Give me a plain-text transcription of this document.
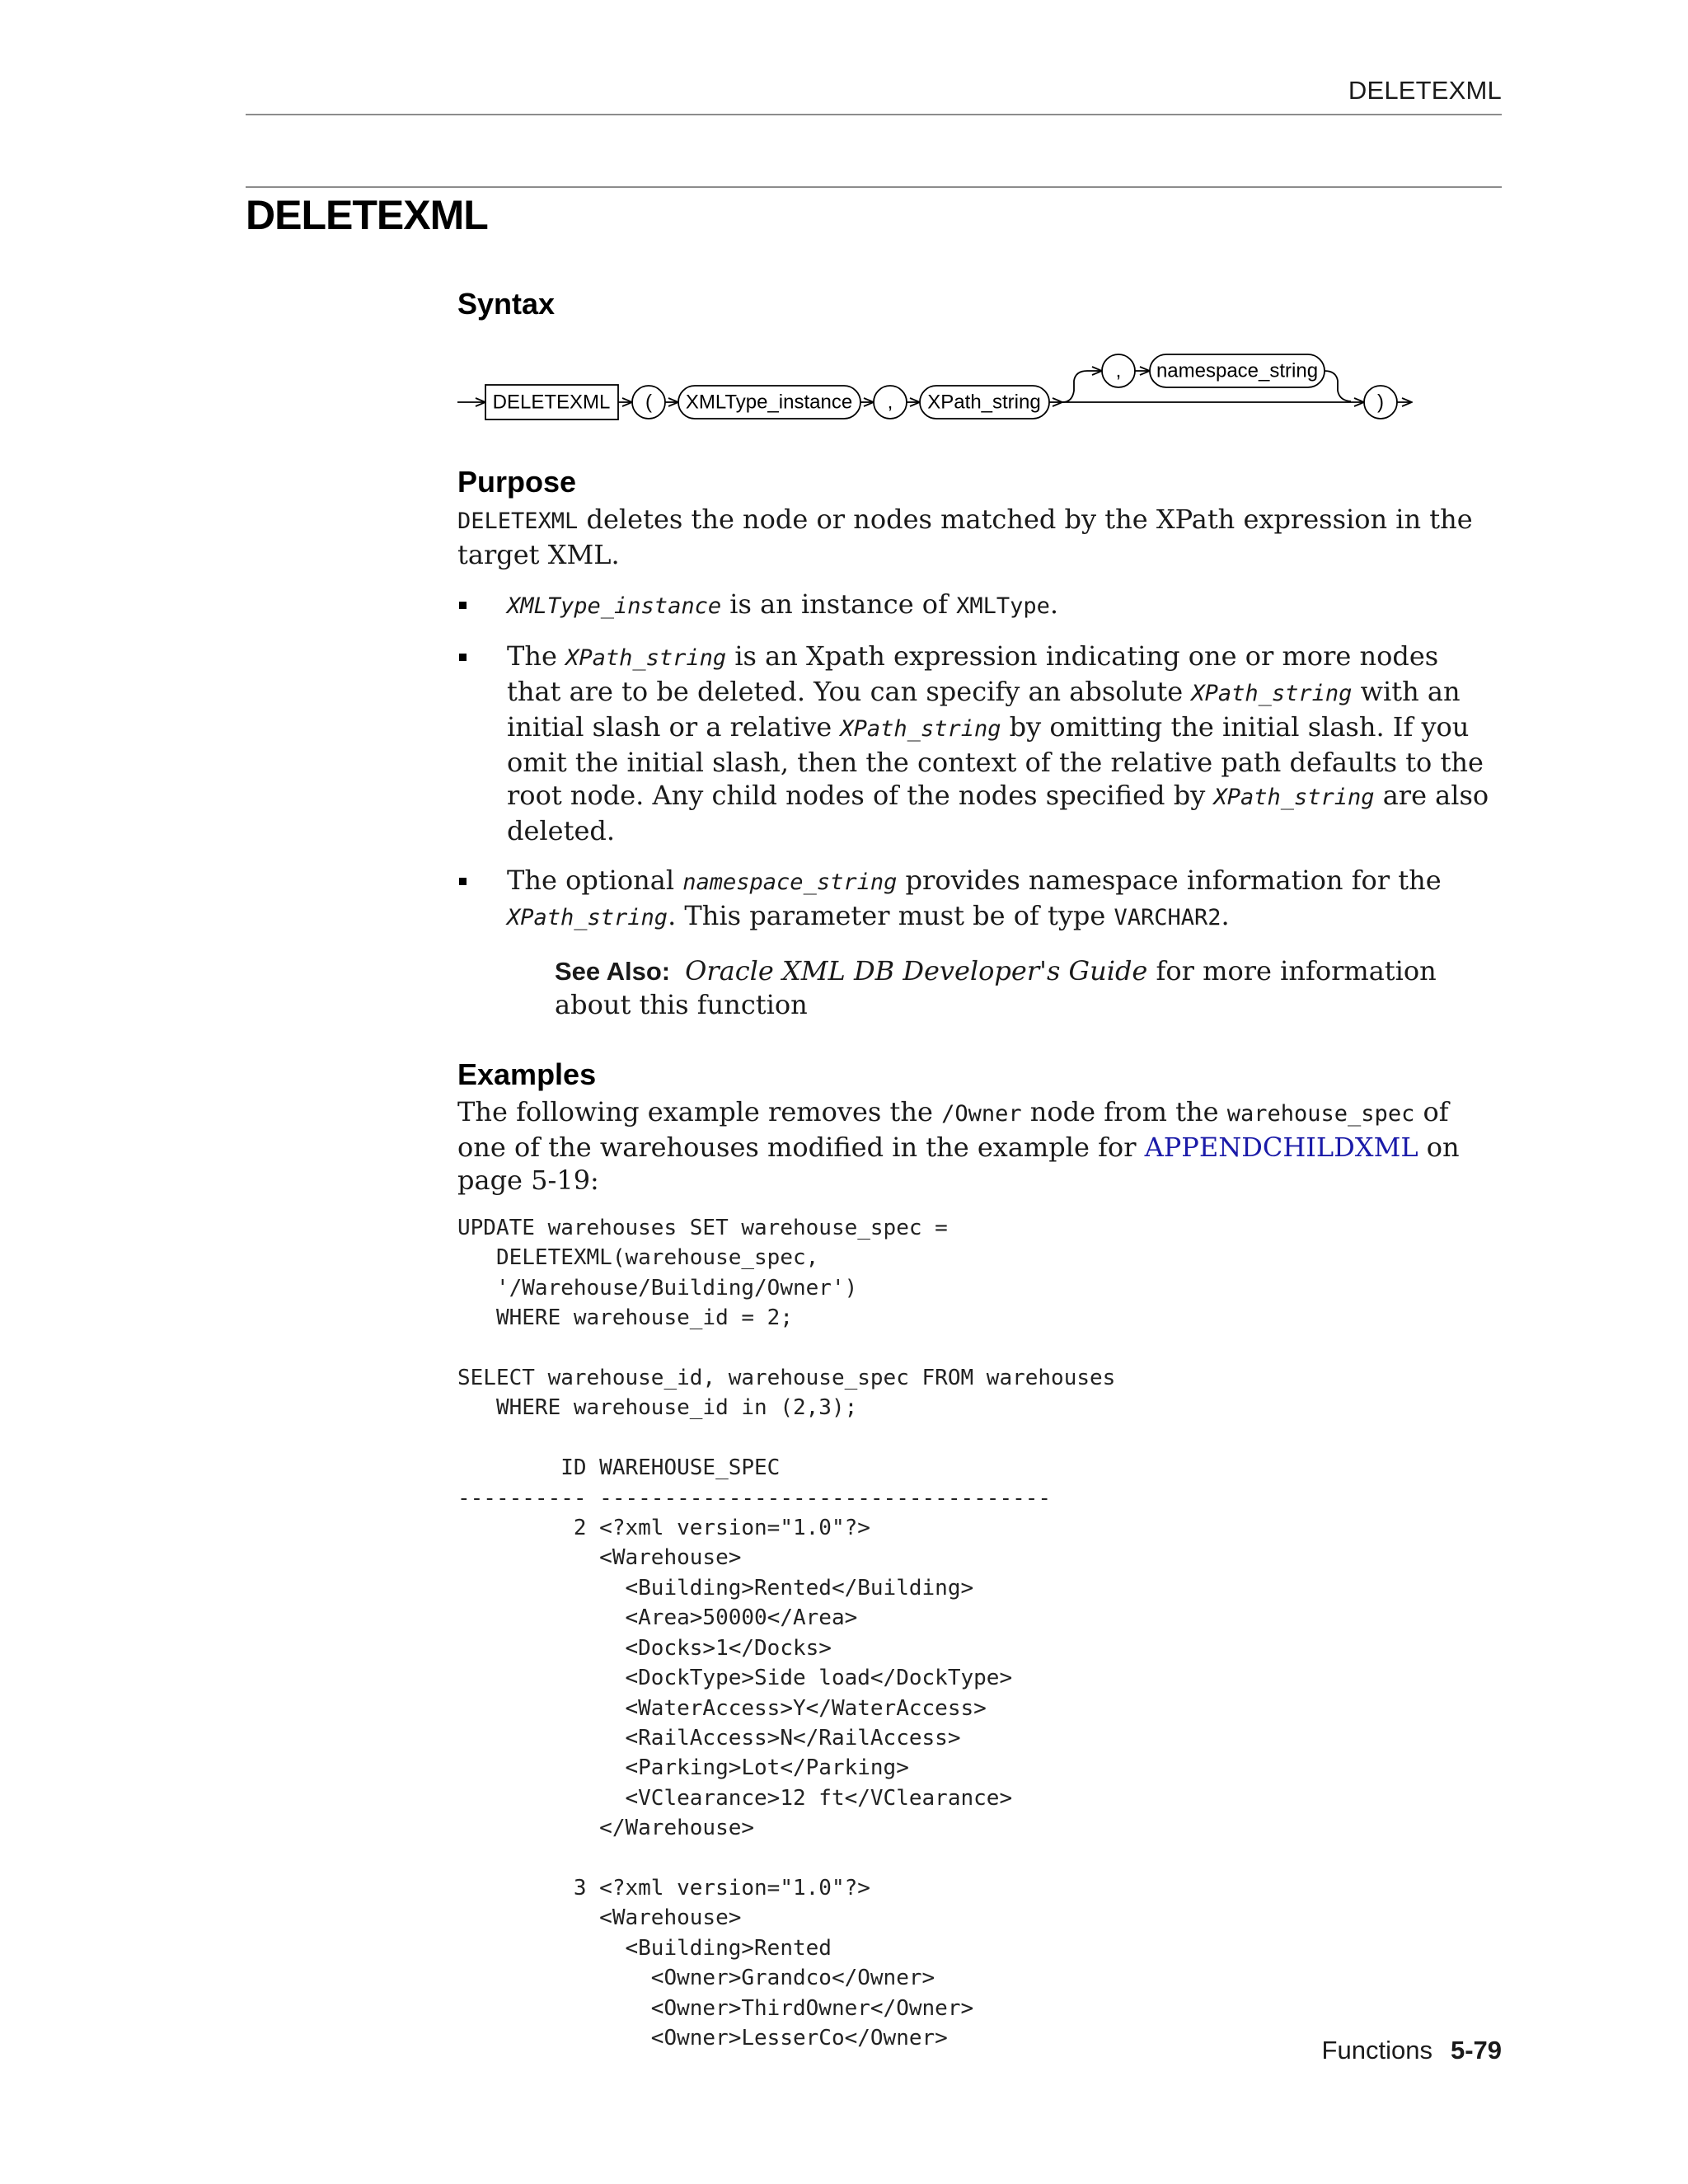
DELETEXML
DELETEXML
Syntax
DELETEXML ( XMLType_instance , XPath_string
, namespace_string
)
Purpose

DELETEXML deletes the node or nodes matched by the XPath expression in the target XML.

XMLType_instance is an instance of XMLType.
The XPath_string is an Xpath expression indicating one or more nodes that are to be deleted. You can specify an absolute XPath_string with an initial slash or a relative XPath_string by omitting the initial slash. If you omit the initial slash, then the context of the relative path defaults to the root node. Any child nodes of the nodes specified by XPath_string are also deleted.
The optional namespace_string provides namespace information for the XPath_string. This parameter must be of type VARCHAR2.

See Also: Oracle XML DB Developer's Guide for more information about this function

Examples

The following example removes the /Owner node from the warehouse_spec of one of the warehouses modified in the example for APPENDCHILDXML on page 5-19:

UPDATE warehouses SET warehouse_spec =
DELETEXML(warehouse_spec,
'/Warehouse/Building/Owner')
WHERE warehouse_id = 2;

SELECT warehouse_id, warehouse_spec FROM warehouses
WHERE warehouse_id in (2,3);

ID WAREHOUSE_SPEC
---------- -----------------------------------
2 <?xml version="1.0"?>
<Warehouse>
<Building>Rented</Building>
<Area>50000</Area>
<Docks>1</Docks>
<DockType>Side load</DockType>
<WaterAccess>Y</WaterAccess>
<RailAccess>N</RailAccess>
<Parking>Lot</Parking>
<VClearance>12 ft</VClearance>
</Warehouse>

3 <?xml version="1.0"?>
<Warehouse>
<Building>Rented
<Owner>Grandco</Owner>
<Owner>ThirdOwner</Owner>
<Owner>LesserCo</Owner>	Functions 5-79
